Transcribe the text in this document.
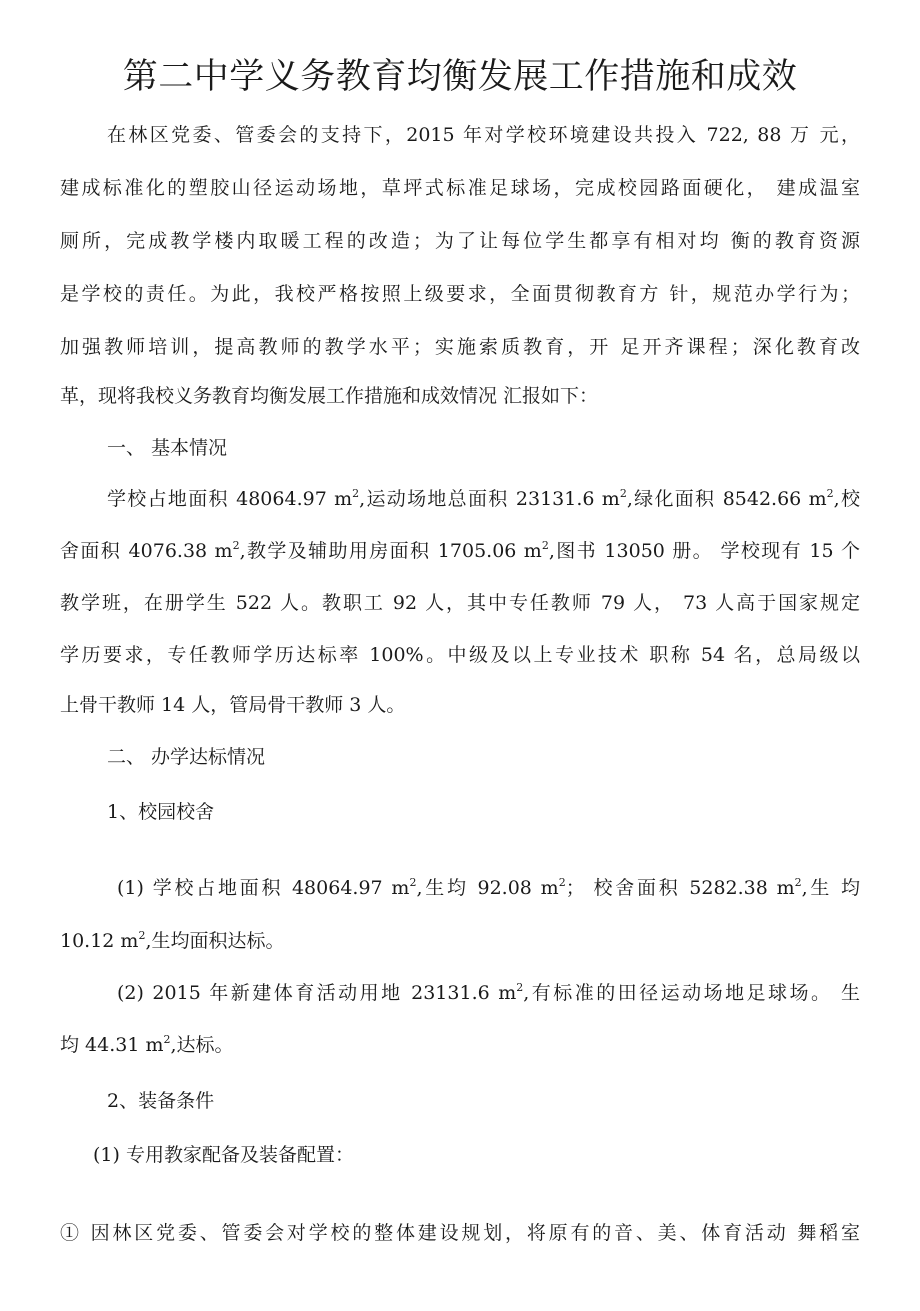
第二中学义务教育均衡发展工作措施和成效
在林区党委、管委会的支持下，2015 年对学校环境建设共投入 722, 88 万 元，
建成标准化的塑胶山径运动场地，草坪式标准足球场，完成校园路面硬化， 建成温室
厕所，完成教学楼内取暖工程的改造；为了让每位学生都享有相对均 衡的教育资源
是学校的责任。为此，我校严格按照上级要求，全面贯彻教育方 针，规范办学行为；
加强教师培训，提高教师的教学水平；实施索质教育，开 足开齐课程；深化教育改
革，现将我校义务教育均衡发展工作措施和成效情况 汇报如下：
一、 基本情况
学校占地面积 48064.97 $m^2$,运动场地总面积 23131.6 $m^2$,绿化面积 8542.66 $m^2$,校
舍面积 4076.38 $m^2$,教学及辅助用房面积 1705.06 $m^2$,图书 13050 册。 学校现有 15 个
教学班，在册学生 522 人。教职工 92 人，其中专任教师 79 人， 73 人高于国家规定
学历要求，专任教师学历达标率 100%。中级及以上专业技术 职称 54 名，总局级以
上骨干教师 14 人，管局骨干教师 3 人。
二、 办学达标情况
1、校园校舍
(1) 学校占地面积 48064.97 $m^2$,生均 92.08 $m^2$； 校舍面积 5282.38 $m^2$,生 均
10.12 $m^2$,生均面积达标。
(2) 2015 年新建体育活动用地 23131.6 $m^2$,有标准的田径运动场地足球场。 生
均 44.31 $m^2$,达标。
2、装备条件
(1) 专用教家配备及装备配置：
① 因林区党委、管委会对学校的整体建设规划，将原有的音、美、体育活动 舞稻室
